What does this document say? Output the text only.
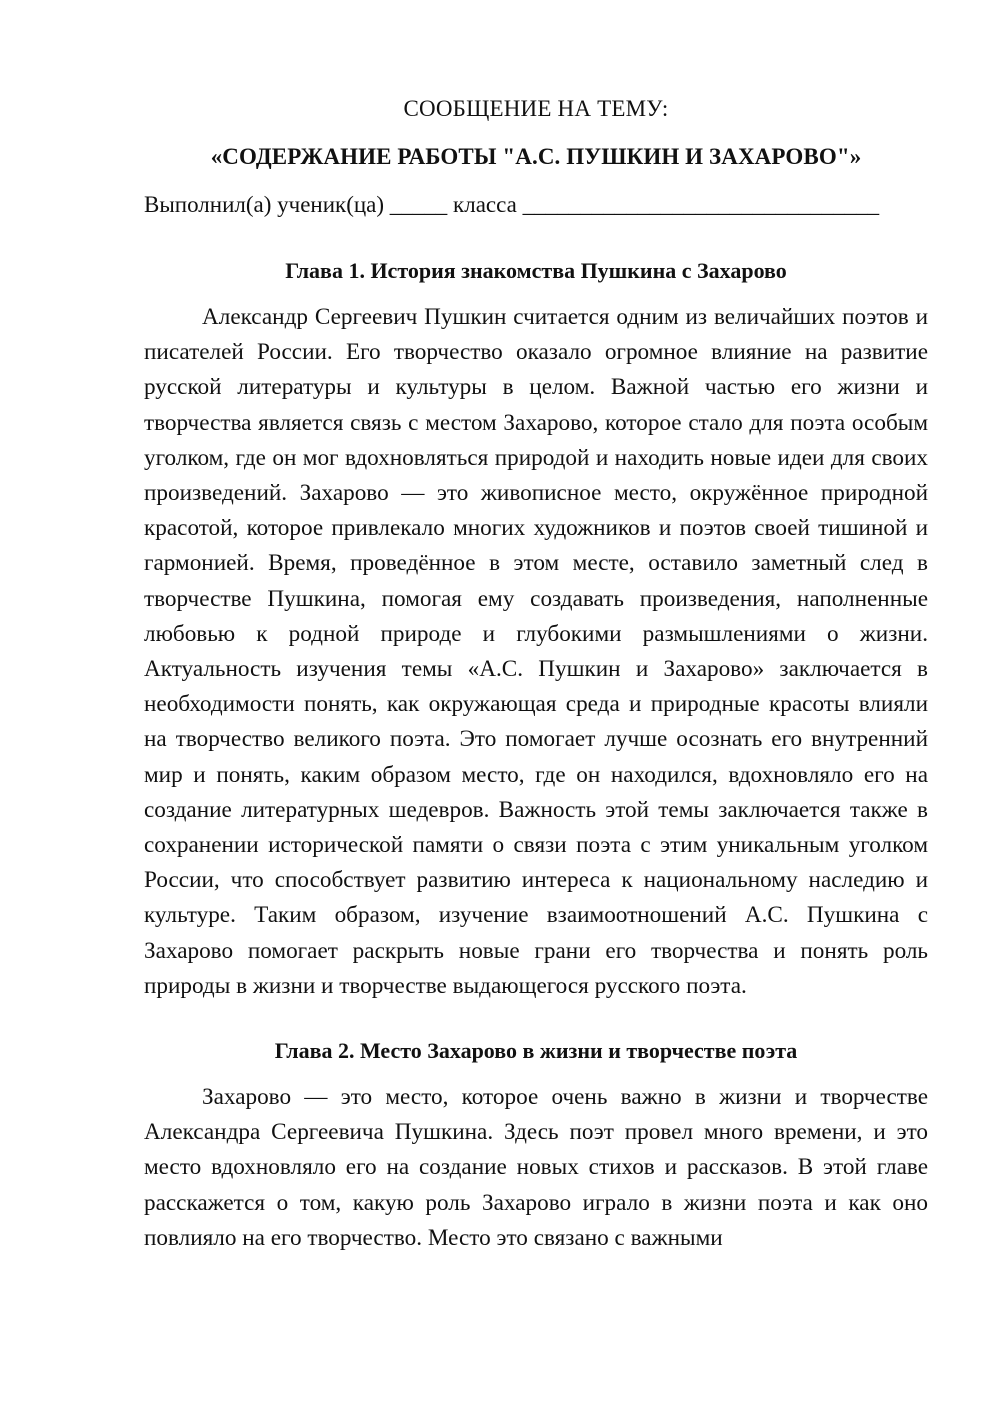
СООБЩЕНИЕ НА ТЕМУ:
«СОДЕРЖАНИЕ РАБОТЫ "А.С. ПУШКИН И ЗАХАРОВО"»
Выполнил(а) ученик(ца) _____ класса _______________________________
Глава 1. История знакомства Пушкина с Захарово

Александр Сергеевич Пушкин считается одним из величайших поэтов и писателей России. Его творчество оказало огромное влияние на развитие русской литературы и культуры в целом. Важной частью его жизни и творчества является связь с местом Захарово, которое стало для поэта особым уголком, где он мог вдохновляться природой и находить новые идеи для своих произведений. Захарово — это живописное место, окружённое природной красотой, которое привлекало многих художников и поэтов своей тишиной и гармонией. Время, проведённое в этом месте, оставило заметный след в творчестве Пушкина, помогая ему создавать произведения, наполненные любовью к родной природе и глубокими размышлениями о жизни. Актуальность изучения темы «А.С. Пушкин и Захарово» заключается в необходимости понять, как окружающая среда и природные красоты влияли на творчество великого поэта. Это помогает лучше осознать его внутренний мир и понять, каким образом место, где он находился, вдохновляло его на создание литературных шедевров. Важность этой темы заключается также в сохранении исторической памяти о связи поэта с этим уникальным уголком России, что способствует развитию интереса к национальному наследию и культуре. Таким образом, изучение взаимоотношений А.С. Пушкина с Захарово помогает раскрыть новые грани его творчества и понять роль природы в жизни и творчестве выдающегося русского поэта.

Глава 2. Место Захарово в жизни и творчестве поэта

Захарово — это место, которое очень важно в жизни и творчестве Александра Сергеевича Пушкина. Здесь поэт провел много времени, и это место вдохновляло его на создание новых стихов и рассказов. В этой главе расскажется о том, какую роль Захарово играло в жизни поэта и как оно повлияло на его творчество. Место это связано с важными
